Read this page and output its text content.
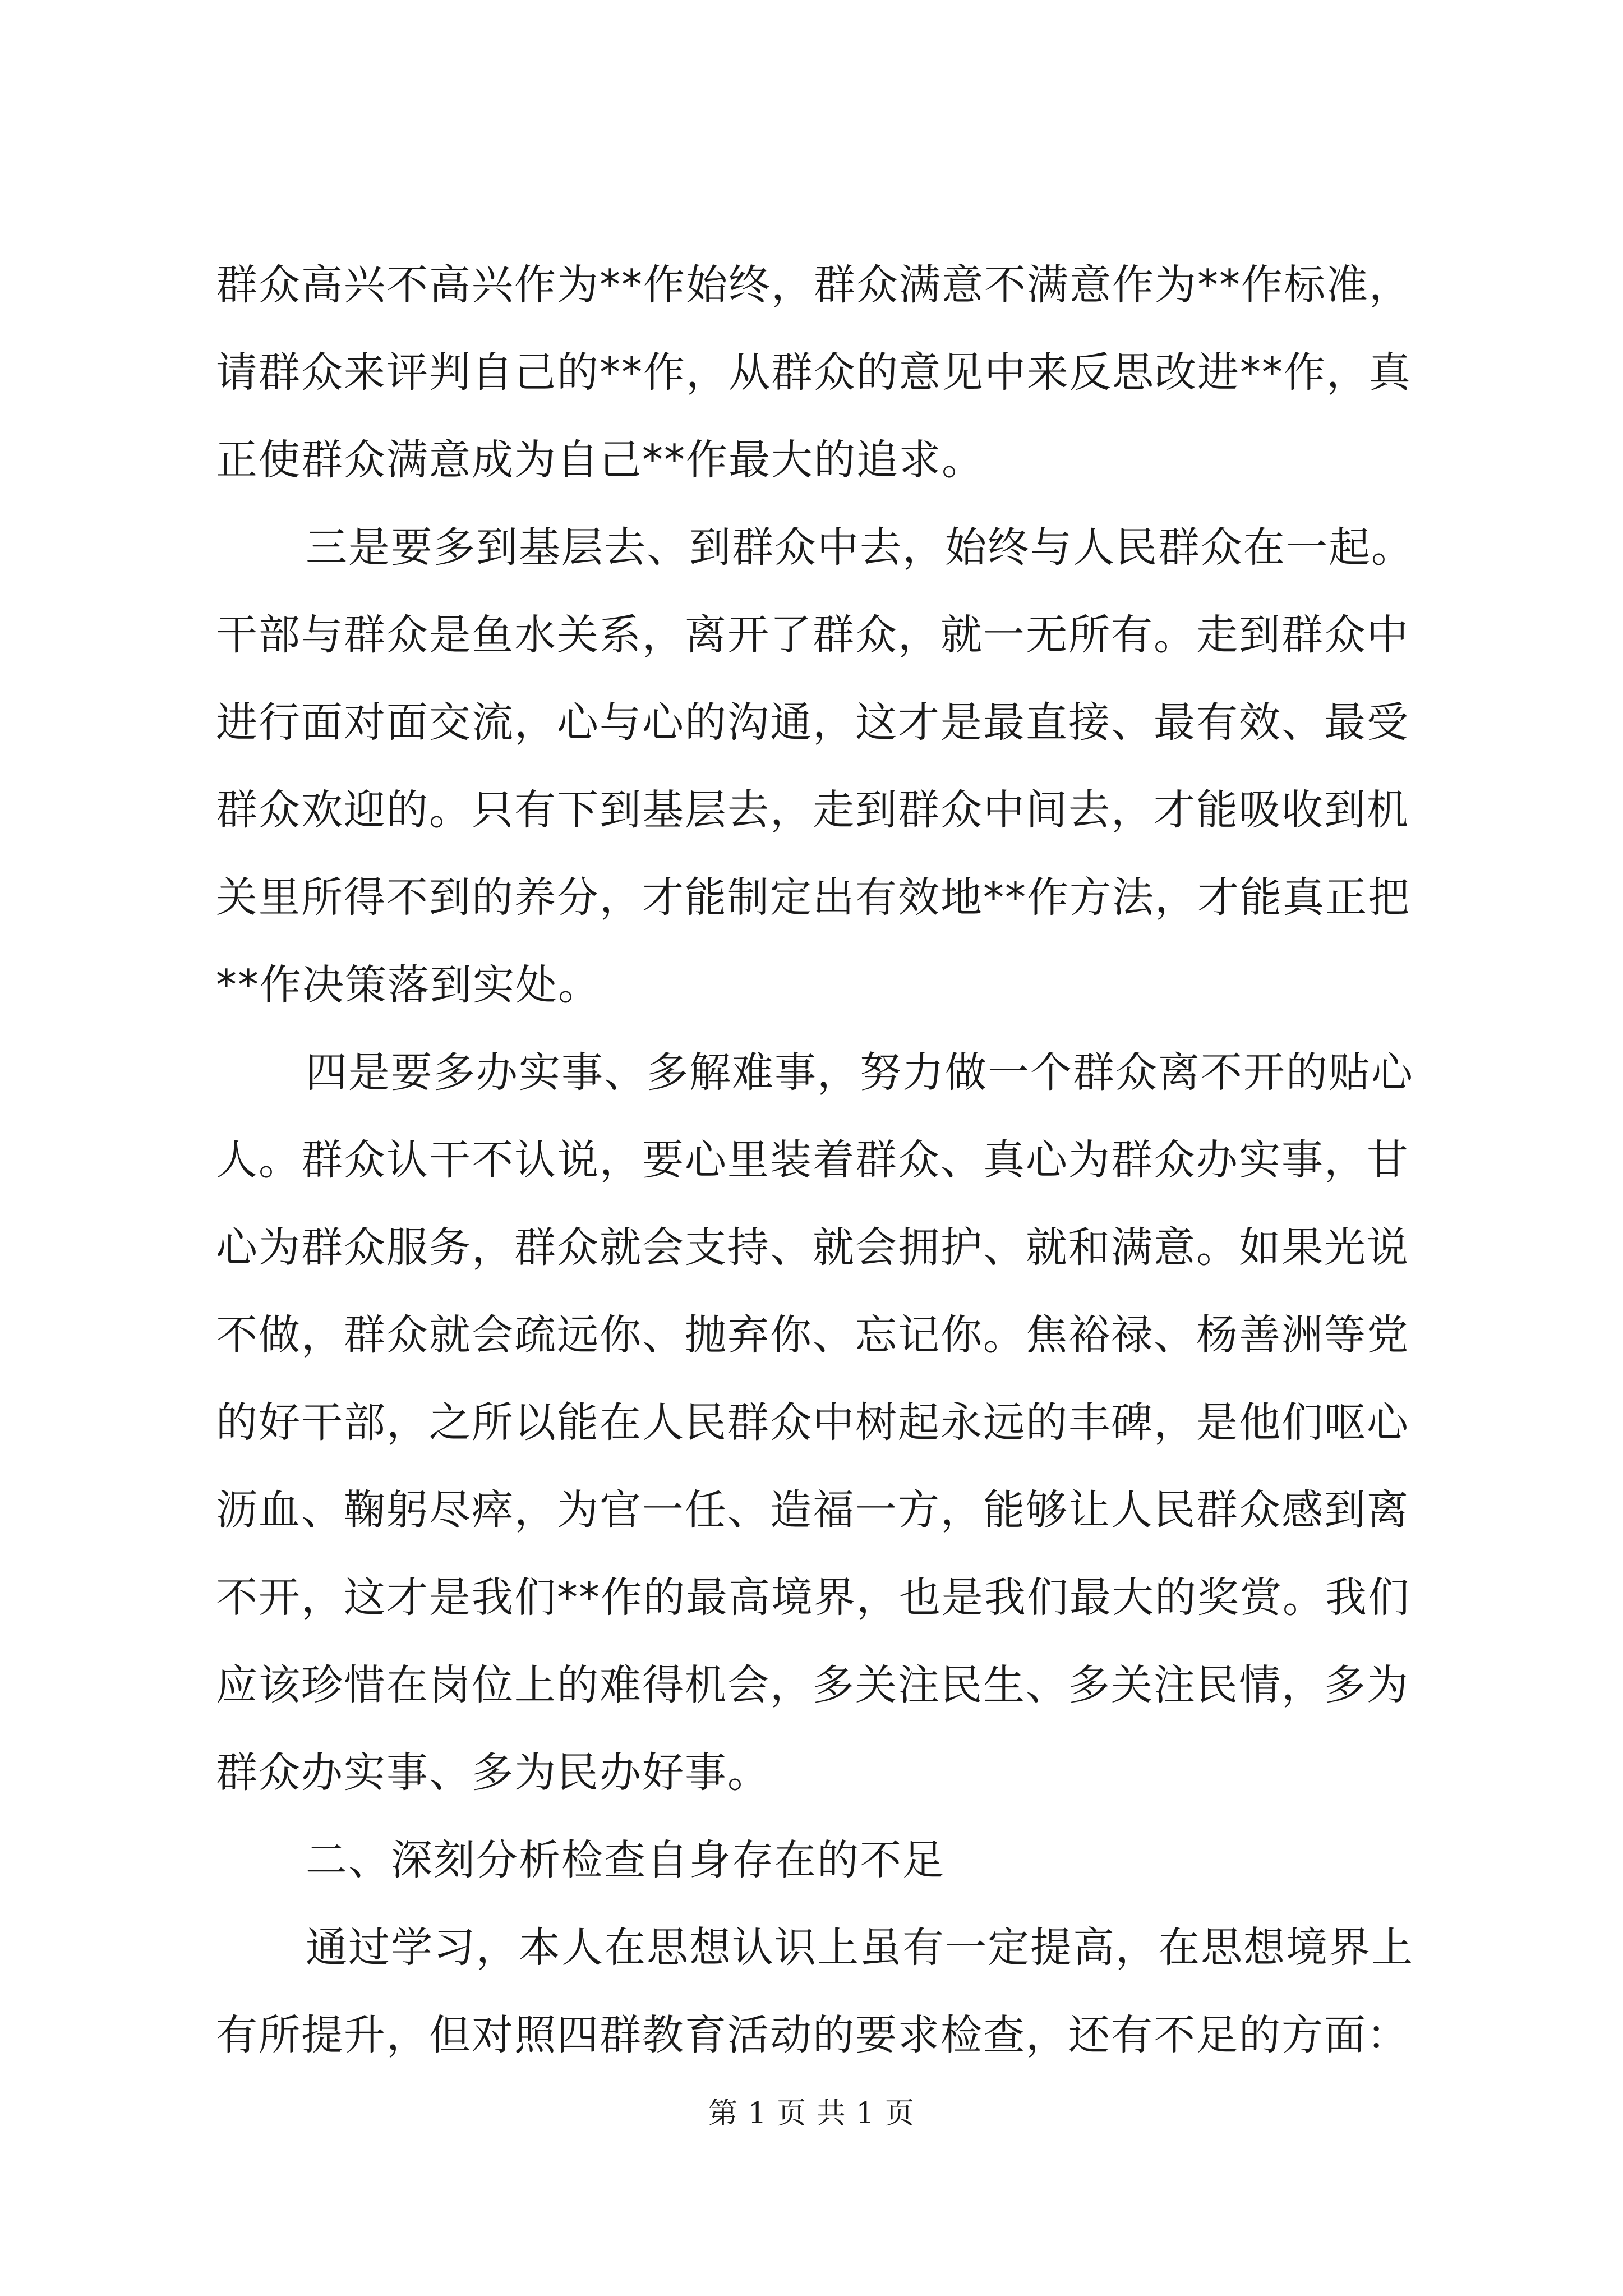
群众高兴不高兴作为**作始终，群众满意不满意作为**作标准，
请群众来评判自己的**作，从群众的意见中来反思改进**作，真
正使群众满意成为自己**作最大的追求。
三是要多到基层去、到群众中去，始终与人民群众在一起。
干部与群众是鱼水关系，离开了群众，就一无所有。走到群众中
进行面对面交流，心与心的沟通，这才是最直接、最有效、最受
群众欢迎的。只有下到基层去，走到群众中间去，才能吸收到机
关里所得不到的养分，才能制定出有效地**作方法，才能真正把
**作决策落到实处。
四是要多办实事、多解难事，努力做一个群众离不开的贴心
人。群众认干不认说，要心里装着群众、真心为群众办实事，甘
心为群众服务，群众就会支持、就会拥护、就和满意。如果光说
不做，群众就会疏远你、抛弃你、忘记你。焦裕禄、杨善洲等党
的好干部，之所以能在人民群众中树起永远的丰碑，是他们呕心
沥血、鞠躬尽瘁，为官一任、造福一方，能够让人民群众感到离
不开，这才是我们**作的最高境界，也是我们最大的奖赏。我们
应该珍惜在岗位上的难得机会，多关注民生、多关注民情，多为
群众办实事、多为民办好事。
二、深刻分析检查自身存在的不足
通过学习，本人在思想认识上虽有一定提高，在思想境界上
有所提升，但对照四群教育活动的要求检查，还有不足的方面：
第 1 页 共 1 页
